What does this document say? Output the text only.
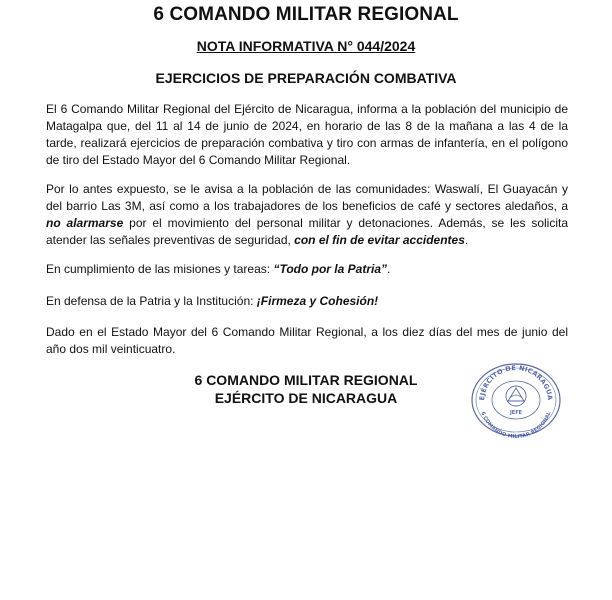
6 COMANDO MILITAR REGIONAL
NOTA INFORMATIVA N° 044/2024
EJERCICIOS DE PREPARACIÓN COMBATIVA
El 6 Comando Militar Regional del Ejército de Nicaragua, informa a la población del municipio de Matagalpa que, del 11 al 14 de junio de 2024, en horario de las 8 de la mañana a las 4 de la tarde, realizará ejercicios de preparación combativa y tiro con armas de infantería, en el polígono de tiro del Estado Mayor del 6 Comando Militar Regional.
Por lo antes expuesto, se le avisa a la población de las comunidades: Waswalí, El Guayacán y del barrio Las 3M, así como a los trabajadores de los beneficios de café y sectores aledaños, a no alarmarse por el movimiento del personal militar y detonaciones. Además, se les solicita atender las señales preventivas de seguridad, con el fin de evitar accidentes.
En cumplimiento de las misiones y tareas: “Todo por la Patria”.
En defensa de la Patria y la Institución: ¡Firmeza y Cohesión!
Dado en el Estado Mayor del 6 Comando Militar Regional, a los diez días del mes de junio del año dos mil veinticuatro.
6 COMANDO MILITAR REGIONAL
EJÉRCITO DE NICARAGUA	EJÉRCITO DE NICARAGUA
6 COMANDO MILITAR REGIONAL
JEFE
